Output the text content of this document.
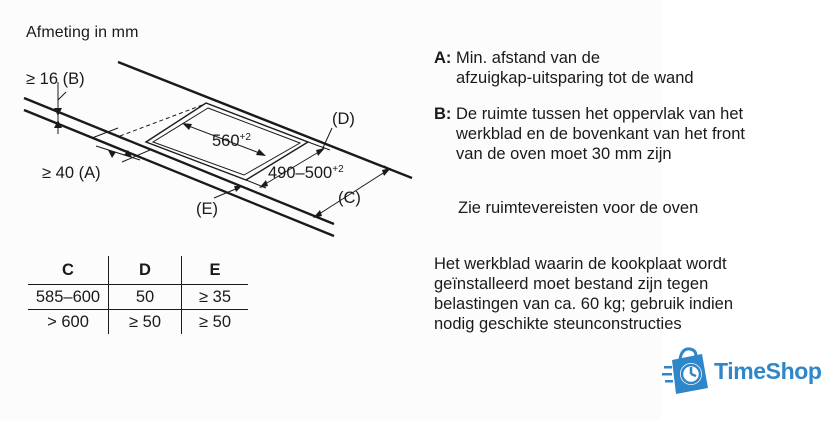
Afmeting in mm
≥ 16 (B)
≥ 40 (A)
$560^{+2}$
$490-500^{+2}$
(D)
(C)
(E)
A: Min. afstand van de
afzuigkap-uitsparing tot de wand
B: De ruimte tussen het oppervlak van het
werkblad en de bovenkant van het front
van de oven moet 30 mm zijn
Zie ruimtevereisten voor de oven
Het werkblad waarin de kookplaat wordt
geïnstalleerd moet bestand zijn tegen
belastingen van ca. 60 kg; gebruik indien
nodig geschikte steunconstructies
C	D	E
585–600	50	≥ 35
> 600	≥ 50	≥ 50
TimeShop
